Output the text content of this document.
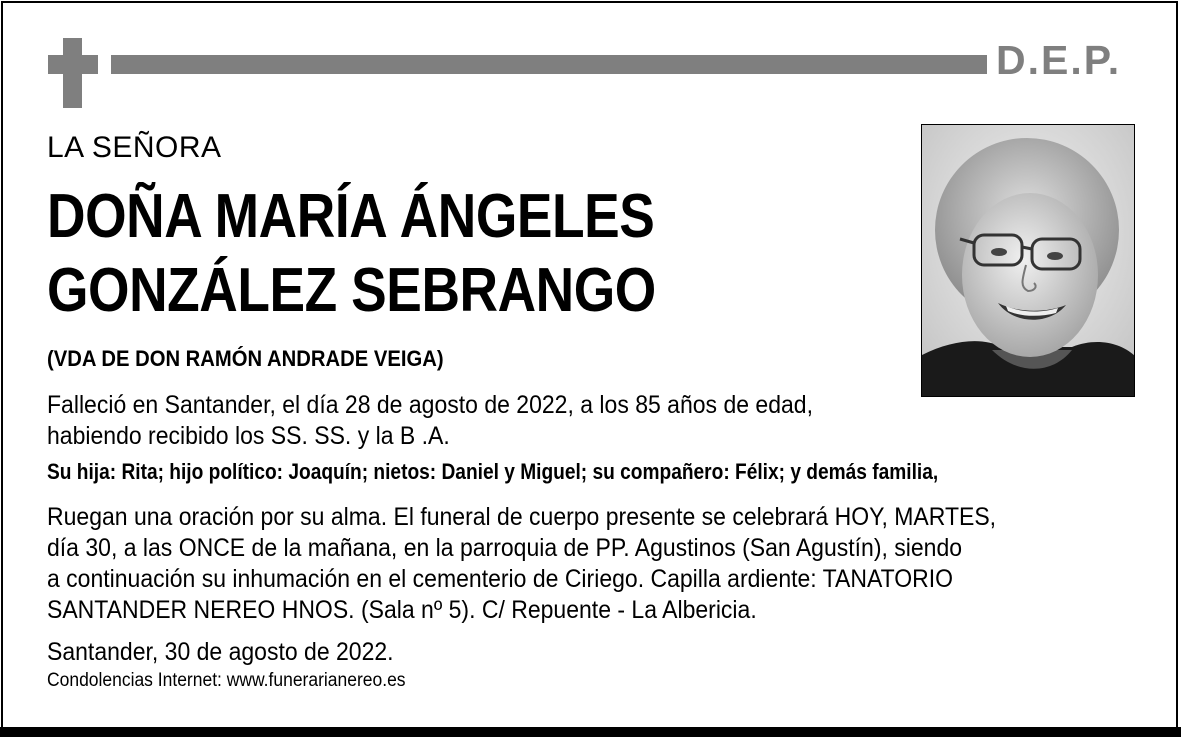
D.E.P.
LA SEÑORA
DOÑA MARÍA ÁNGELES
GONZÁLEZ SEBRANGO
(VDA DE DON RAMÓN ANDRADE VEIGA)
Falleció en Santander, el día 28 de agosto de 2022, a los 85 años de edad,
habiendo recibido los SS. SS. y la B .A.
Su hija: Rita; hijo político: Joaquín; nietos: Daniel y Miguel; su compañero: Félix; y demás familia,
Ruegan una oración por su alma. El funeral de cuerpo presente se celebrará HOY, MARTES,
día 30, a las ONCE de la mañana, en la parroquia de PP. Agustinos (San Agustín), siendo
a continuación su inhumación en el cementerio de Ciriego. Capilla ardiente: TANATORIO
SANTANDER NEREO HNOS. (Sala nº 5). C/ Repuente - La Albericia.
Santander, 30 de agosto de 2022.
Condolencias Internet: www.funerarianereo.es
